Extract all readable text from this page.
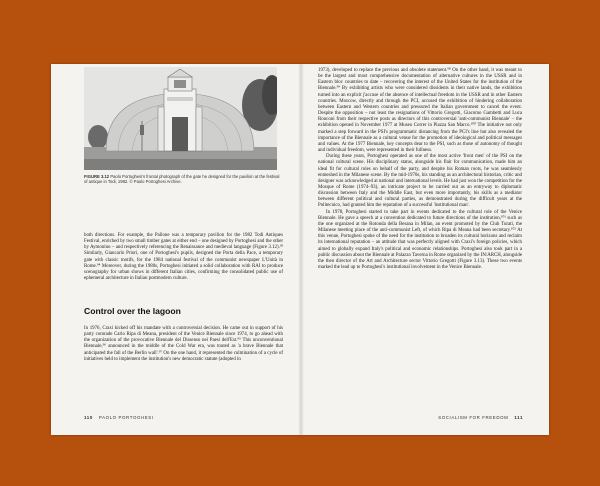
FIGURE 3.12 Paolo Portoghesi's frontal photograph of the gate he designed for the pavilion at the festival of antique in Todi, 1982. © Paolo Portoghesi Archive.

both directions. For example, the Pallone was a temporary pavilion for the 1982 Todi Antiques Festival, enriched by two small timber gates at either end – one designed by Portoghesi and the other by Aymonino – and respectively referencing the Renaissance and medieval language (Figure 3.12).⁹³ Similarly, Giancarlo Priori, one of Portoghesi's pupils, designed the Porta della Pace, a temporary gate with classic motifs, for the 1984 national festival of the communist newspaper L'Unità in Rome.⁹⁴ Moreover, during the 1980s, Portoghesi initiated a solid collaboration with RAI to produce scenography for urban shows in different Italian cities, confirming the consolidated public use of ephemeral architecture in Italian postmodern culture.

Control over the lagoon

In 1976, Craxi kicked off his mandate with a controversial decision. He came out in support of his party comrade Carlo Ripa di Meana, president of the Venice Biennale since 1974, to go ahead with the organization of the provocative Biennale del Dissenso nei Paesi dell'Est.⁹⁵ This unconventional Biennale,⁹⁶ announced in the middle of the Cold War era, was touted as 'a brave Biennale that anticipated the fall of the Berlin wall'.⁹⁷ On the one hand, it represented the culmination of a cycle of initiatives held to implement the institution's new democratic statute (adopted in

110 PAOLO PORTOGHESI

1973), developed to replace the previous and obsolete statement.⁹⁸ On the other hand, it was meant to be the largest and most comprehensive documentation of alternative cultures in the USSR and in Eastern bloc countries to date – recovering the interest of the United States for the institution of the Biennale.⁹⁹ By exhibiting artists who were considered dissidents in their native lands, the exhibition turned into an explicit j'accuse of the absence of intellectual freedom in the USSR and in other Eastern countries. Moscow, directly and through the PCI, accused the exhibition of hindering collaboration between Eastern and Western countries and pressured the Italian government to cancel the event. Despite the opposition – not least the resignations of Vittorio Gregotti, Giacomo Gambetti and Luca Ronconi from their respective posts as directors of this controversial 'anti-communist Biennale' – the exhibition opened in November 1977 at Museo Correr in Piazza San Marco.¹⁰⁰ The initiative not only marked a step forward in the PSI's programmatic distancing from the PCI's line but also revealed the importance of the Biennale as a cultural venue for the promotion of ideological and political messages and values. At the 1977 Biennale, key concepts dear to the PSI, such as those of autonomy of thought and individual freedom, were represented in their fullness.

During these years, Portoghesi operated as one of the most active 'front men' of the PSI on the national cultural scene. His disciplinary status, alongside his flair for communication, made him an ideal fit for cultural roles on behalf of the party, and despite his Roman roots, he was seamlessly enmeshed in the Milanese scene. By the mid-1970s, his standing as an architectural historian, critic and designer was acknowledged at national and international levels. He had just won the competition for the Mosque of Rome (1974–93), an intricate project to be carried out as an entryway to diplomatic discussion between Italy and the Middle East, but even more importantly, his skills as a mediator between different political and cultural parties, as demonstrated during the difficult years at the Politecnico, had granted him the reputation of a successful 'institutional man'.

In 1978, Portoghesi started to take part in events dedicated to the cultural role of the Venice Biennale. He gave a speech at a convention dedicated to future directions of the institution,¹⁰¹ such as the one organized at the Rotonda della Besana in Milan, an event promoted by the Club Turati, the Milanese meeting place of the anti-communist Left, of which Ripa di Meana had been secretary.¹⁰² At this venue, Portoghesi spoke of the need for the institution to broaden its cultural horizons and reclaim its international reputation – an attitude that was perfectly aligned with Craxi's foreign policies, which aimed to globally expand Italy's political and economic relationships. Portoghesi also took part in a public discussion about the Biennale at Palazzo Taverna in Rome organized by the IN/ARCH, alongside the then director of the Art and Architecture sector Vittorio Gregotti (Figure 3.13). These two events marked the lead up to Portoghesi's institutional involvement in the Venice Biennale.

SOCIALISM FOR FREEDOM 111
